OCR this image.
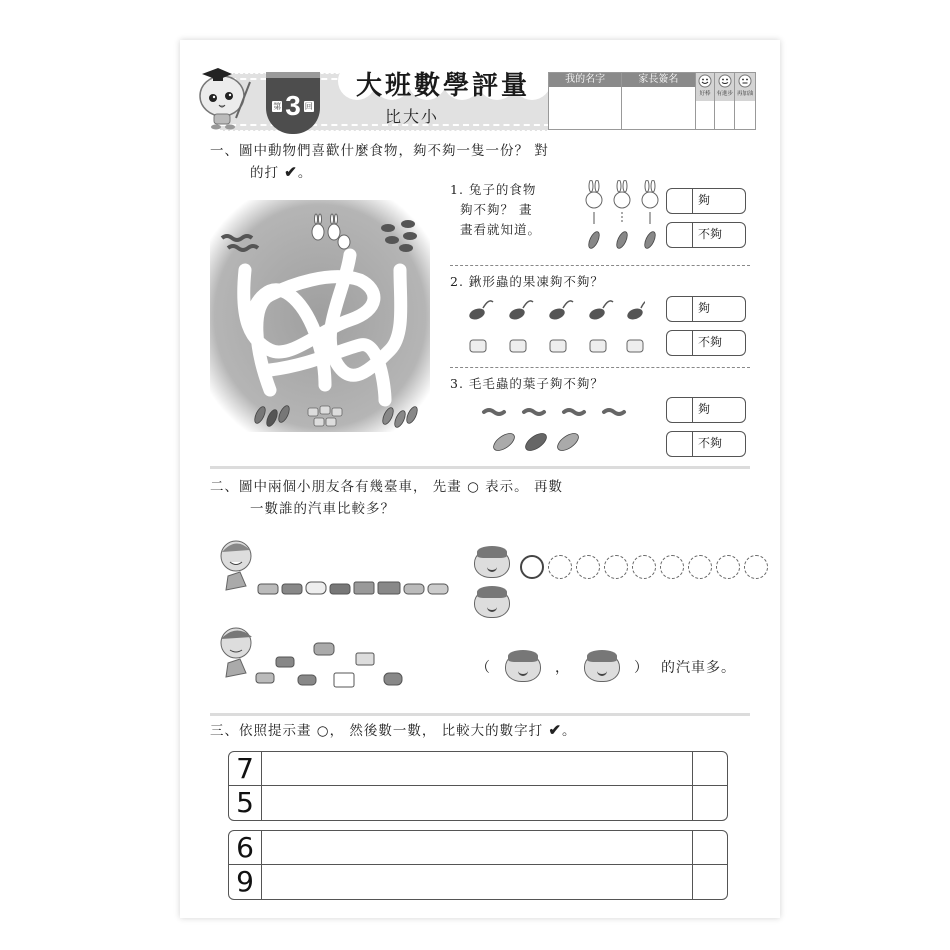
第 3 回
大班數學評量
比大小
我的名字	家長簽名
好棒 有進步 再加油
一、圖中動物們喜歡什麼食物，夠不夠一隻一份？ 對
的打 ✔。
1. 兔子的食物
夠不夠？ 畫
畫看就知道。
夠
不夠
2. 鍬形蟲的果凍夠不夠？
夠
不夠
3. 毛毛蟲的葉子夠不夠？
夠
不夠
二、圖中兩個小朋友各有幾臺車， 先畫 ○ 表示。 再數
一數誰的汽車比較多？
（	，	） 的汽車多。
三、依照提示畫 ○， 然後數一數， 比較大的數字打 ✔。
7
5
6
9
